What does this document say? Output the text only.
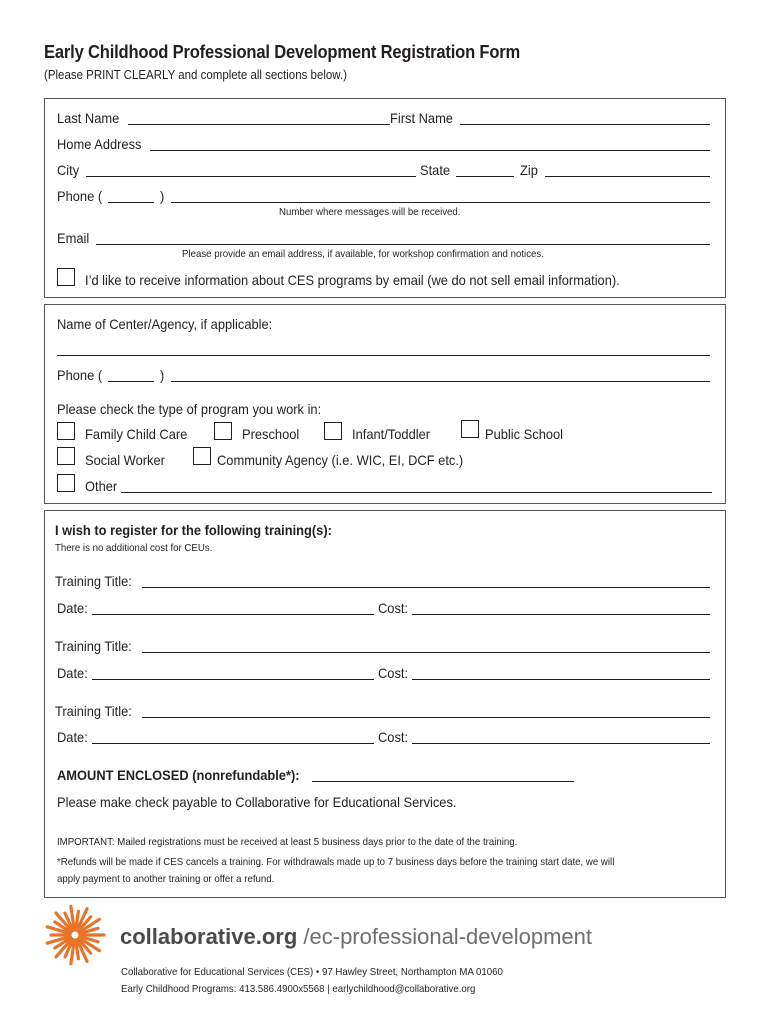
Early Childhood Professional Development Registration Form
(Please PRINT CLEARLY and complete all sections below.)
Last Name	First Name
Home Address
City	State	Zip
Phone (	)
Number where messages will be received.
Email
Please provide an email address, if available, for workshop confirmation and notices.
I’d like to receive information about CES programs by email (we do not sell email information).
Name of Center/Agency, if applicable:
Phone (	)
Please check the type of program you work in:
Family Child Care	Preschool	Infant/Toddler	Public School
Social Worker	Community Agency (i.e. WIC, EI, DCF etc.)
Other
I wish to register for the following training(s):
There is no additional cost for CEUs.
Training Title:
Date:	Cost:
Training Title:
Date:	Cost:
Training Title:
Date:	Cost:
AMOUNT ENCLOSED (nonrefundable*):
Please make check payable to Collaborative for Educational Services.
IMPORTANT: Mailed registrations must be received at least 5 business days prior to the date of the training.
*Refunds will be made if CES cancels a training. For withdrawals made up to 7 business days before the training start date, we will
apply payment to another training or offer a refund.
collaborative.org /ec-professional-development
Collaborative for Educational Services (CES) • 97 Hawley Street, Northampton MA 01060
Early Childhood Programs: 413.586.4900x5568 | earlychildhood@collaborative.org
